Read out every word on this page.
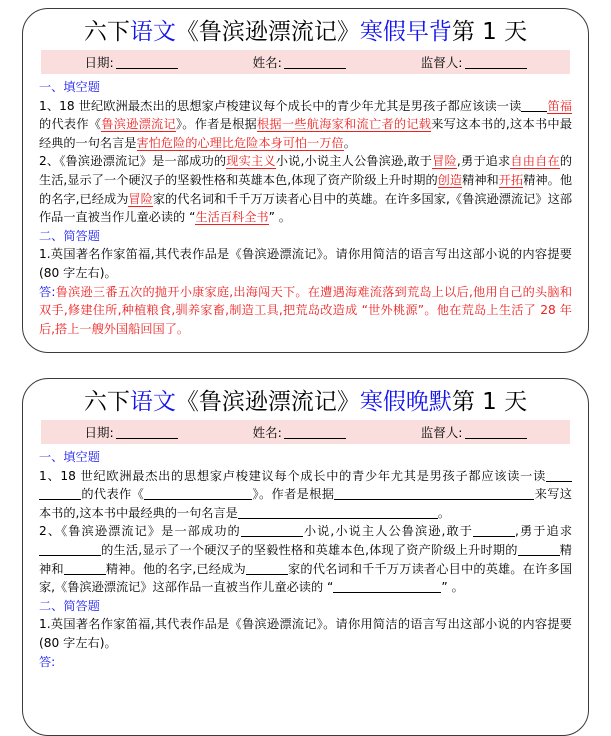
六下语文《鲁滨逊漂流记》寒假早背第 1 天
日期:	姓名:	监督人:
一、填空题
1、18 世纪欧洲最杰出的思想家卢梭建议每个成长中的青少年尤其是男孩子都应该读一读 笛福的代表作《鲁滨逊漂流记》。作者是根据根据一些航海家和流亡者的记载来写这本书的,这本书中最经典的一句名言是害怕危险的心理比危险本身可怕一万倍。
2、《鲁滨逊漂流记》是一部成功的现实主义小说,小说主人公鲁滨逊,敢于冒险,勇于追求自由自在的生活,显示了一个硬汉子的坚毅性格和英雄本色,体现了资产阶级上升时期的创造精神和开拓精神。他的名字,已经成为冒险家的代名词和千千万万读者心目中的英雄。在许多国家,《鲁滨逊漂流记》这部作品一直被当作儿童必读的 “生活百科全书” 。
二、简答题
1.英国著名作家笛福,其代表作品是《鲁滨逊漂流记》。请你用简洁的语言写出这部小说的内容提要(80 字左右)。
答:鲁滨逊三番五次的抛开小康家庭,出海闯天下。在遭遇海难流落到荒岛上以后,他用自己的头脑和双手,修建住所,种植粮食,驯养家畜,制造工具,把荒岛改造成 “世外桃源”。他在荒岛上生活了 28 年后,搭上一艘外国船回国了。
六下语文《鲁滨逊漂流记》寒假晚默第 1 天
日期:	姓名:	监督人:
一、填空题
1、18 世纪欧洲最杰出的思想家卢梭建议每个成长中的青少年尤其是男孩子都应该读一读的代表作《	》。作者是根据	来写这本书的,这本书中最经典的一句名言是	。
2、《鲁滨逊漂流记》是一部成功的	小说,小说主人公鲁滨逊,敢于	,勇于追求的生活,显示了一个硬汉子的坚毅性格和英雄本色,体现了资产阶级上升时期的	精神和	精神。他的名字,已经成为	家的代名词和千千万万读者心目中的英雄。在许多国家,《鲁滨逊漂流记》这部作品一直被当作儿童必读的 “	” 。
二、简答题
1.英国著名作家笛福,其代表作品是《鲁滨逊漂流记》。请你用简洁的语言写出这部小说的内容提要(80 字左右)。
答:
